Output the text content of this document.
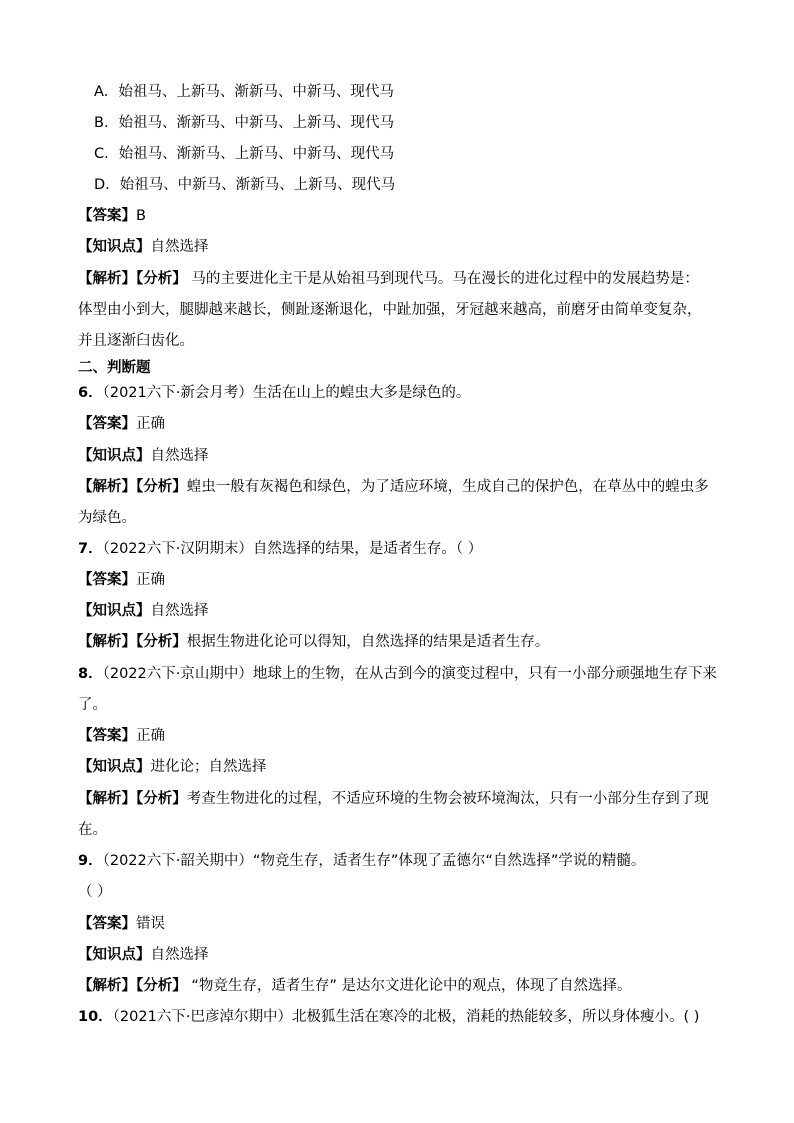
A．始祖马、上新马、渐新马、中新马、现代马
B．始祖马、渐新马、中新马、上新马、现代马
C．始祖马、渐新马、上新马、中新马、现代马
D．始祖马、中新马、渐新马、上新马、现代马
【答案】B
【知识点】自然选择
【解析】【分析】 马的主要进化主干是从始祖马到现代马。马在漫长的进化过程中的发展趋势是：
体型由小到大，腿脚越来越长，侧趾逐渐退化，中趾加强，牙冠越来越高，前磨牙由简单变复杂，
并且逐渐臼齿化。
二、判断题
6．（2021六下·新会月考）生活在山上的蝗虫大多是绿色的。
【答案】正确
【知识点】自然选择
【解析】【分析】蝗虫一般有灰褐色和绿色，为了适应环境，生成自己的保护色，在草丛中的蝗虫多
为绿色。
7．（2022六下·汉阴期末）自然选择的结果，是适者生存。（ ）
【答案】正确
【知识点】自然选择
【解析】【分析】根据生物进化论可以得知，自然选择的结果是适者生存。
8．（2022六下·京山期中）地球上的生物，在从古到今的演变过程中，只有一小部分顽强地生存下来
了。
【答案】正确
【知识点】进化论；自然选择
【解析】【分析】考查生物进化的过程，不适应环境的生物会被环境淘汰，只有一小部分生存到了现
在。
9．（2022六下·韶关期中）“物竞生存，适者生存”体现了孟德尔“自然选择”学说的精髓。
（ ）
【答案】错误
【知识点】自然选择
【解析】【分析】 “物竞生存，适者生存” 是达尔文进化论中的观点，体现了自然选择。
10．（2021六下·巴彦淖尔期中）北极狐生活在寒冷的北极，消耗的热能较多，所以身体瘦小。( )
